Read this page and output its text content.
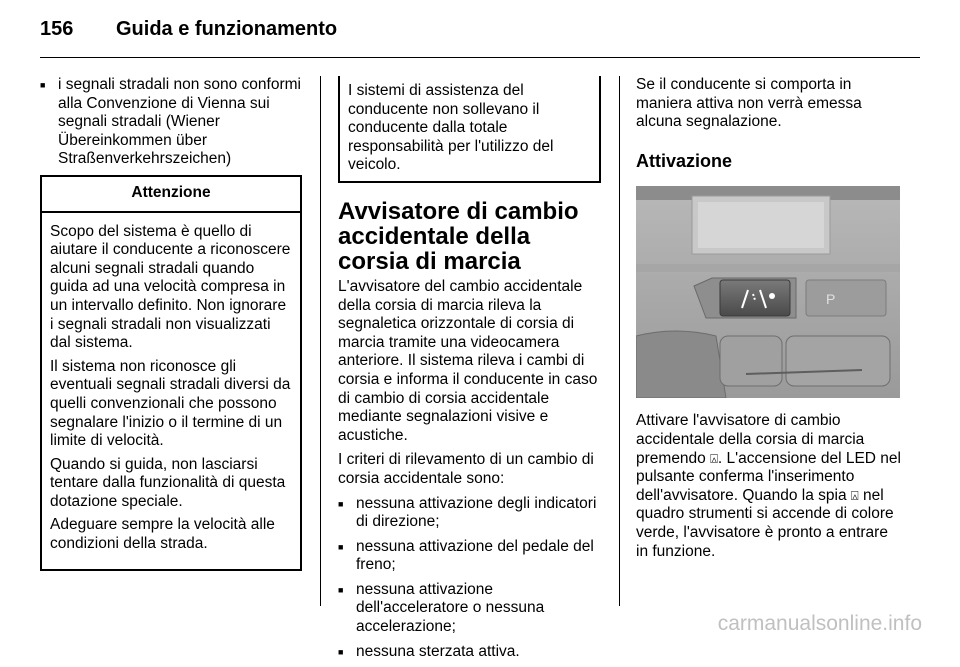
156 Guida e funzionamento
■ i segnali stradali non sono conformi alla Convenzione di Vienna sui segnali stradali (Wiener Übereinkommen über Straßenverkehrszeichen)
Attenzione

Scopo del sistema è quello di aiutare il conducente a riconoscere alcuni segnali stradali quando guida ad una velocità compresa in un intervallo definito. Non ignorare i segnali stradali non visualizzati dal sistema.

Il sistema non riconosce gli eventuali segnali stradali diversi da quelli convenzionali che possono segnalare l'inizio o il termine di un limite di velocità.

Quando si guida, non lasciarsi tentare dalla funzionalità di questa dotazione speciale.

Adeguare sempre la velocità alle condizioni della strada.

I sistemi di assistenza del conducente non sollevano il conducente dalla totale responsabilità per l'utilizzo del veicolo.

Avvisatore di cambio accidentale della corsia di marcia

L'avvisatore del cambio accidentale della corsia di marcia rileva la segnaletica orizzontale di corsia di marcia tramite una videocamera anteriore. Il sistema rileva i cambi di corsia e informa il conducente in caso di cambio di corsia accidentale mediante segnalazioni visive e acustiche.

I criteri di rilevamento di un cambio di corsia accidentale sono:

■ nessuna attivazione degli indicatori di direzione;
■ nessuna attivazione del pedale del freno;
■ nessuna attivazione dell'acceleratore o nessuna accelerazione;
■ nessuna sterzata attiva.

Se il conducente si comporta in maniera attiva non verrà emessa alcuna segnalazione.

Attivazione
P

Attivare l'avvisatore di cambio accidentale della corsia di marcia premendo ⍓. L'accensione del LED nel pulsante conferma l'inserimento dell'avvisatore. Quando la spia ⍓ nel quadro strumenti si accende di colore verde, l'avvisatore è pronto a entrare in funzione.

carmanualsonline.info
